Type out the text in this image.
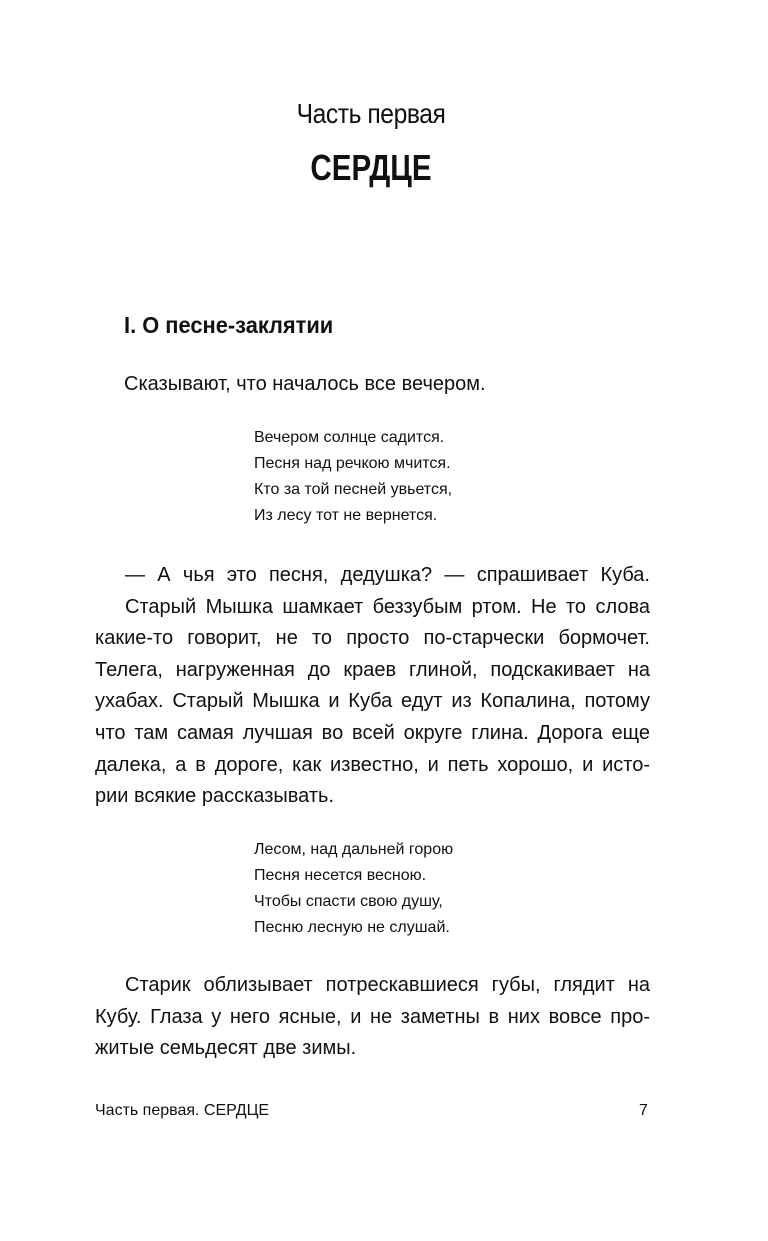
Часть первая
СЕРДЦЕ
I. О песне-заклятии
Сказывают, что началось все вечером.
Вечером солнце садится.
Песня над речкою мчится.
Кто за той песней увьется,
Из лесу тот не вернется.
— А чья это песня, дедушка? — спрашивает Куба.
Старый Мышка шамкает беззубым ртом. Не то слова
какие-то говорит, не то просто по-старчески бормочет.
Телега, нагруженная до краев глиной, подскакивает на
ухабах. Старый Мышка и Куба едут из Копалина, потому
что там самая лучшая во всей округе глина. Дорога еще
далека, а в дороге, как известно, и петь хорошо, и исто-
рии всякие рассказывать.
Лесом, над дальней горою
Песня несется весною.
Чтобы спасти свою душу,
Песню лесную не слушай.
Старик облизывает потрескавшиеся губы, глядит на
Кубу. Глаза у него ясные, и не заметны в них вовсе про-
житые семьдесят две зимы.
Часть первая. СЕРДЦЕ	7
